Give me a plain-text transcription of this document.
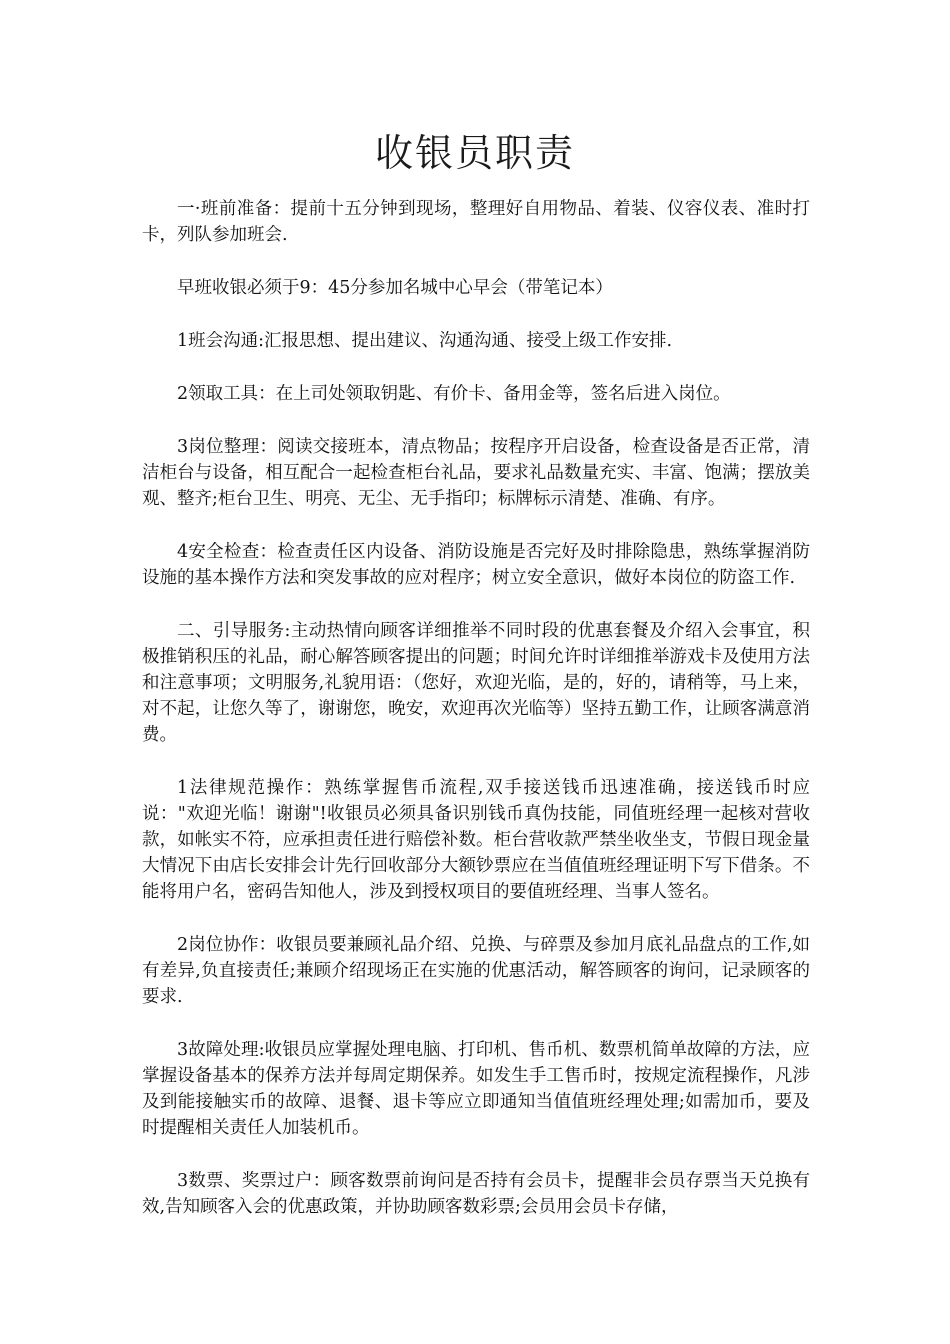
收银员职责

一·班前准备：提前十五分钟到现场，整理好自用物品、着装、仪容仪表、准时打卡，列队参加班会.

早班收银必须于9：45分参加名城中心早会（带笔记本）

1班会沟通:汇报思想、提出建议、沟通沟通、接受上级工作安排.

2领取工具：在上司处领取钥匙、有价卡、备用金等，签名后进入岗位。

3岗位整理：阅读交接班本，清点物品；按程序开启设备，检查设备是否正常，清洁柜台与设备，相互配合一起检查柜台礼品，要求礼品数量充实、丰富、饱满；摆放美观、整齐;柜台卫生、明亮、无尘、无手指印；标牌标示清楚、准确、有序。

4安全检查：检查责任区内设备、消防设施是否完好及时排除隐患，熟练掌握消防设施的基本操作方法和突发事故的应对程序；树立安全意识，做好本岗位的防盗工作.

二、引导服务:主动热情向顾客详细推举不同时段的优惠套餐及介绍入会事宜，积极推销积压的礼品，耐心解答顾客提出的问题；时间允许时详细推举游戏卡及使用方法和注意事项；文明服务,礼貌用语：（您好，欢迎光临，是的，好的，请稍等，马上来，对不起，让您久等了，谢谢您，晚安，欢迎再次光临等）坚持五勤工作，让顾客满意消费。

1法律规范操作：熟练掌握售币流程,双手接送钱币迅速准确，接送钱币时应说："欢迎光临！谢谢"!收银员必须具备识别钱币真伪技能，同值班经理一起核对营收款，如帐实不符，应承担责任进行赔偿补数。柜台营收款严禁坐收坐支，节假日现金量大情况下由店长安排会计先行回收部分大额钞票应在当值值班经理证明下写下借条。不能将用户名，密码告知他人，涉及到授权项目的要值班经理、当事人签名。

2岗位协作：收银员要兼顾礼品介绍、兑换、与碎票及参加月底礼品盘点的工作,如有差异,负直接责任;兼顾介绍现场正在实施的优惠活动，解答顾客的询问，记录顾客的要求.

3故障处理:收银员应掌握处理电脑、打印机、售币机、数票机简单故障的方法，应掌握设备基本的保养方法并每周定期保养。如发生手工售币时，按规定流程操作，凡涉及到能接触实币的故障、退餐、退卡等应立即通知当值值班经理处理;如需加币，要及时提醒相关责任人加装机币。

3数票、奖票过户：顾客数票前询问是否持有会员卡，提醒非会员存票当天兑换有效,告知顾客入会的优惠政策，并协助顾客数彩票;会员用会员卡存储，
